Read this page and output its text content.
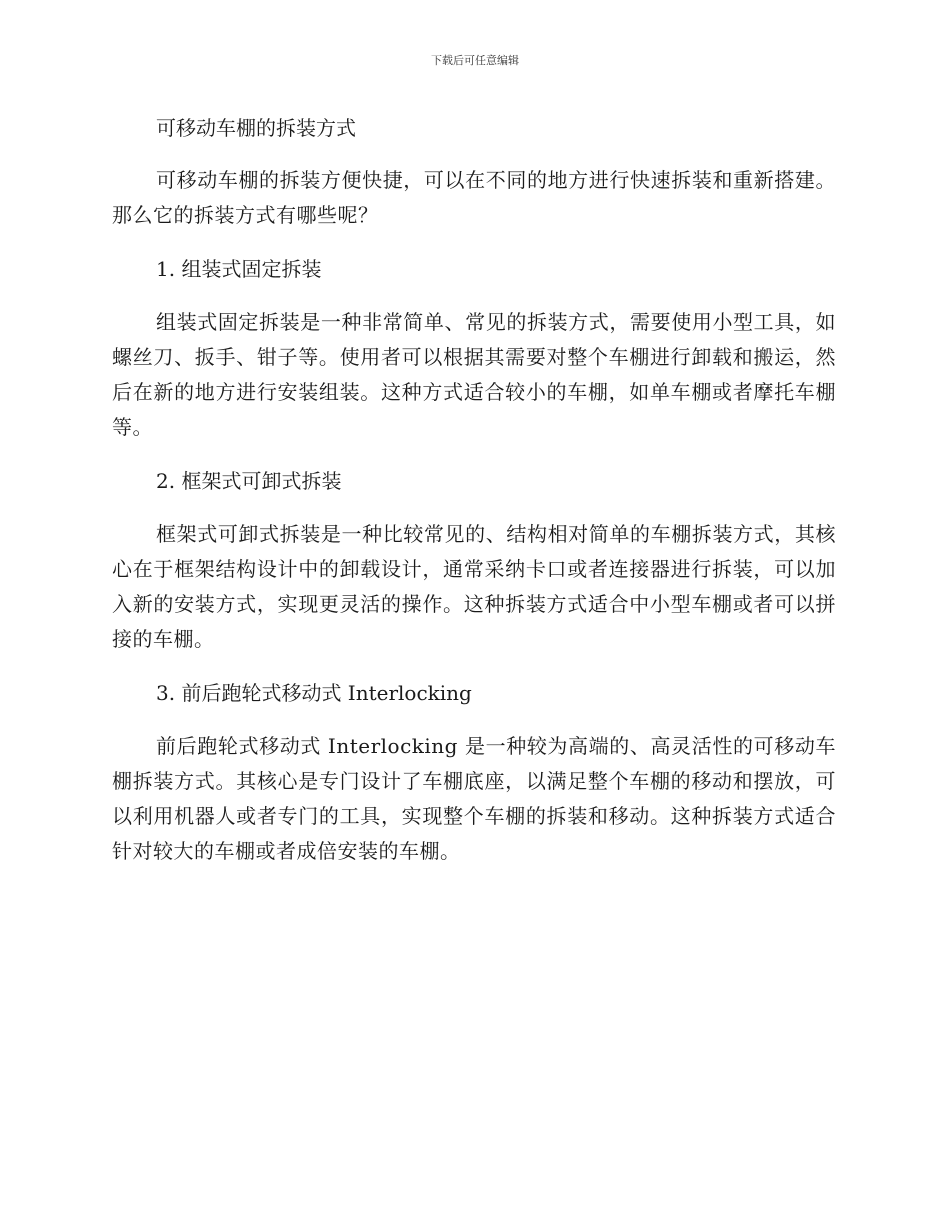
下载后可任意编辑
可移动车棚的拆装方式

可移动车棚的拆装方便快捷，可以在不同的地方进行快速拆装和重新搭建。那么它的拆装方式有哪些呢？

1. 组装式固定拆装

组装式固定拆装是一种非常简单、常见的拆装方式，需要使用小型工具，如螺丝刀、扳手、钳子等。使用者可以根据其需要对整个车棚进行卸载和搬运，然后在新的地方进行安装组装。这种方式适合较小的车棚，如单车棚或者摩托车棚等。

2. 框架式可卸式拆装

框架式可卸式拆装是一种比较常见的、结构相对简单的车棚拆装方式，其核心在于框架结构设计中的卸载设计，通常采纳卡口或者连接器进行拆装，可以加入新的安装方式，实现更灵活的操作。这种拆装方式适合中小型车棚或者可以拼接的车棚。

3. 前后跑轮式移动式 Interlocking

前后跑轮式移动式 Interlocking 是一种较为高端的、高灵活性的可移动车棚拆装方式。其核心是专门设计了车棚底座，以满足整个车棚的移动和摆放，可以利用机器人或者专门的工具，实现整个车棚的拆装和移动。这种拆装方式适合针对较大的车棚或者成倍安装的车棚。
